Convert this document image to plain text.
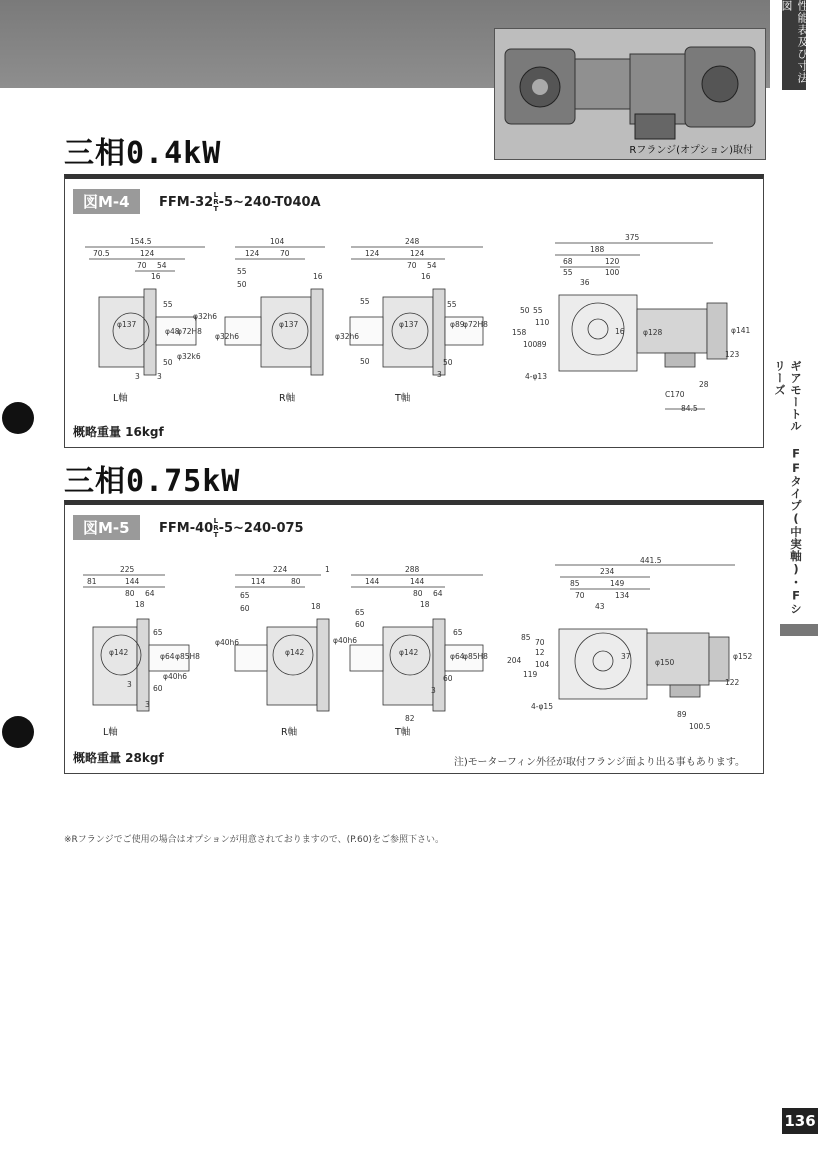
性能表及び寸法図
ギアモートル FFタイプ(中実軸)・Fシリーズ
136
Rフランジ(オプション)取付
三相0.4kW
図M-4	FFM-32L
R
T-5~240-T040A
154.5
70.5	124
70 54
16
55
50
3 3
φ137
φ48
φ72H8
φ32h6
φ32k6
104
124	70
55
50
16
φ137
φ32h6
248
124	124
70 54
16
55
50
φ137	φ89
φ72H8
φ32h6
55
50
3
375
188
68	120
55	100
36
16
50 55
110
158
100 89
4-φ13
φ128	φ141
123
28
C170
84.5
L軸	R軸	T軸
概略重量 16kgf
三相0.75kW
図M-5	FFM-40L
R
T-5~240-075
225
81	144
80 64
18
65
60
3
3
φ142	φ64 φ85H8
φ40h6
224
114	80
1
65
60	18
φ142
φ40h6
288
144	144
80 64
18
65
60
φ142	φ64
φ85H8
φ40h6
65
60
3
82
441.5
234
85	149
70	134
43
85
70
12
104
204
119
37
4-φ15
φ150
φ152
122
89
100.5
L軸	R軸	T軸
概略重量 28kgf	注)モーターフィン外径が取付フランジ面より出る事もあります。
※Rフランジでご使用の場合はオプションが用意されておりますので、(P.60)をご参照下さい。
